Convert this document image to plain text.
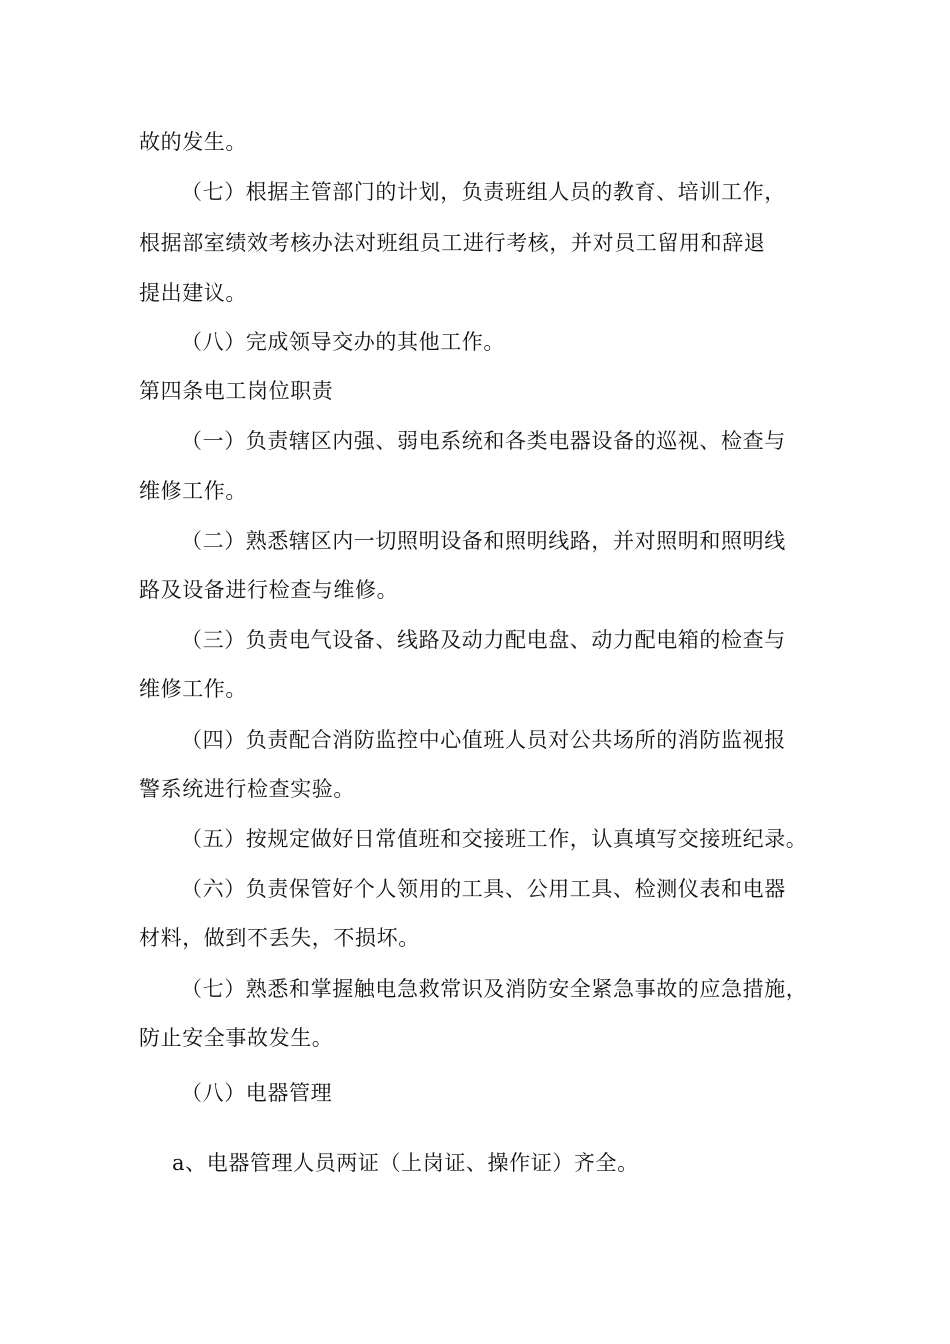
故的发生。
（七）根据主管部门的计划，负责班组人员的教育、培训工作，
根据部室绩效考核办法对班组员工进行考核，并对员工留用和辞退
提出建议。
（八）完成领导交办的其他工作。
第四条电工岗位职责
（一）负责辖区内强、弱电系统和各类电器设备的巡视、检查与
维修工作。
（二）熟悉辖区内一切照明设备和照明线路，并对照明和照明线
路及设备进行检查与维修。
（三）负责电气设备、线路及动力配电盘、动力配电箱的检查与
维修工作。
（四）负责配合消防监控中心值班人员对公共场所的消防监视报
警系统进行检查实验。
（五）按规定做好日常值班和交接班工作，认真填写交接班纪录。
（六）负责保管好个人领用的工具、公用工具、检测仪表和电器
材料，做到不丢失，不损坏。
（七）熟悉和掌握触电急救常识及消防安全紧急事故的应急措施，
防止安全事故发生。
（八）电器管理
a、电器管理人员两证（上岗证、操作证）齐全。
